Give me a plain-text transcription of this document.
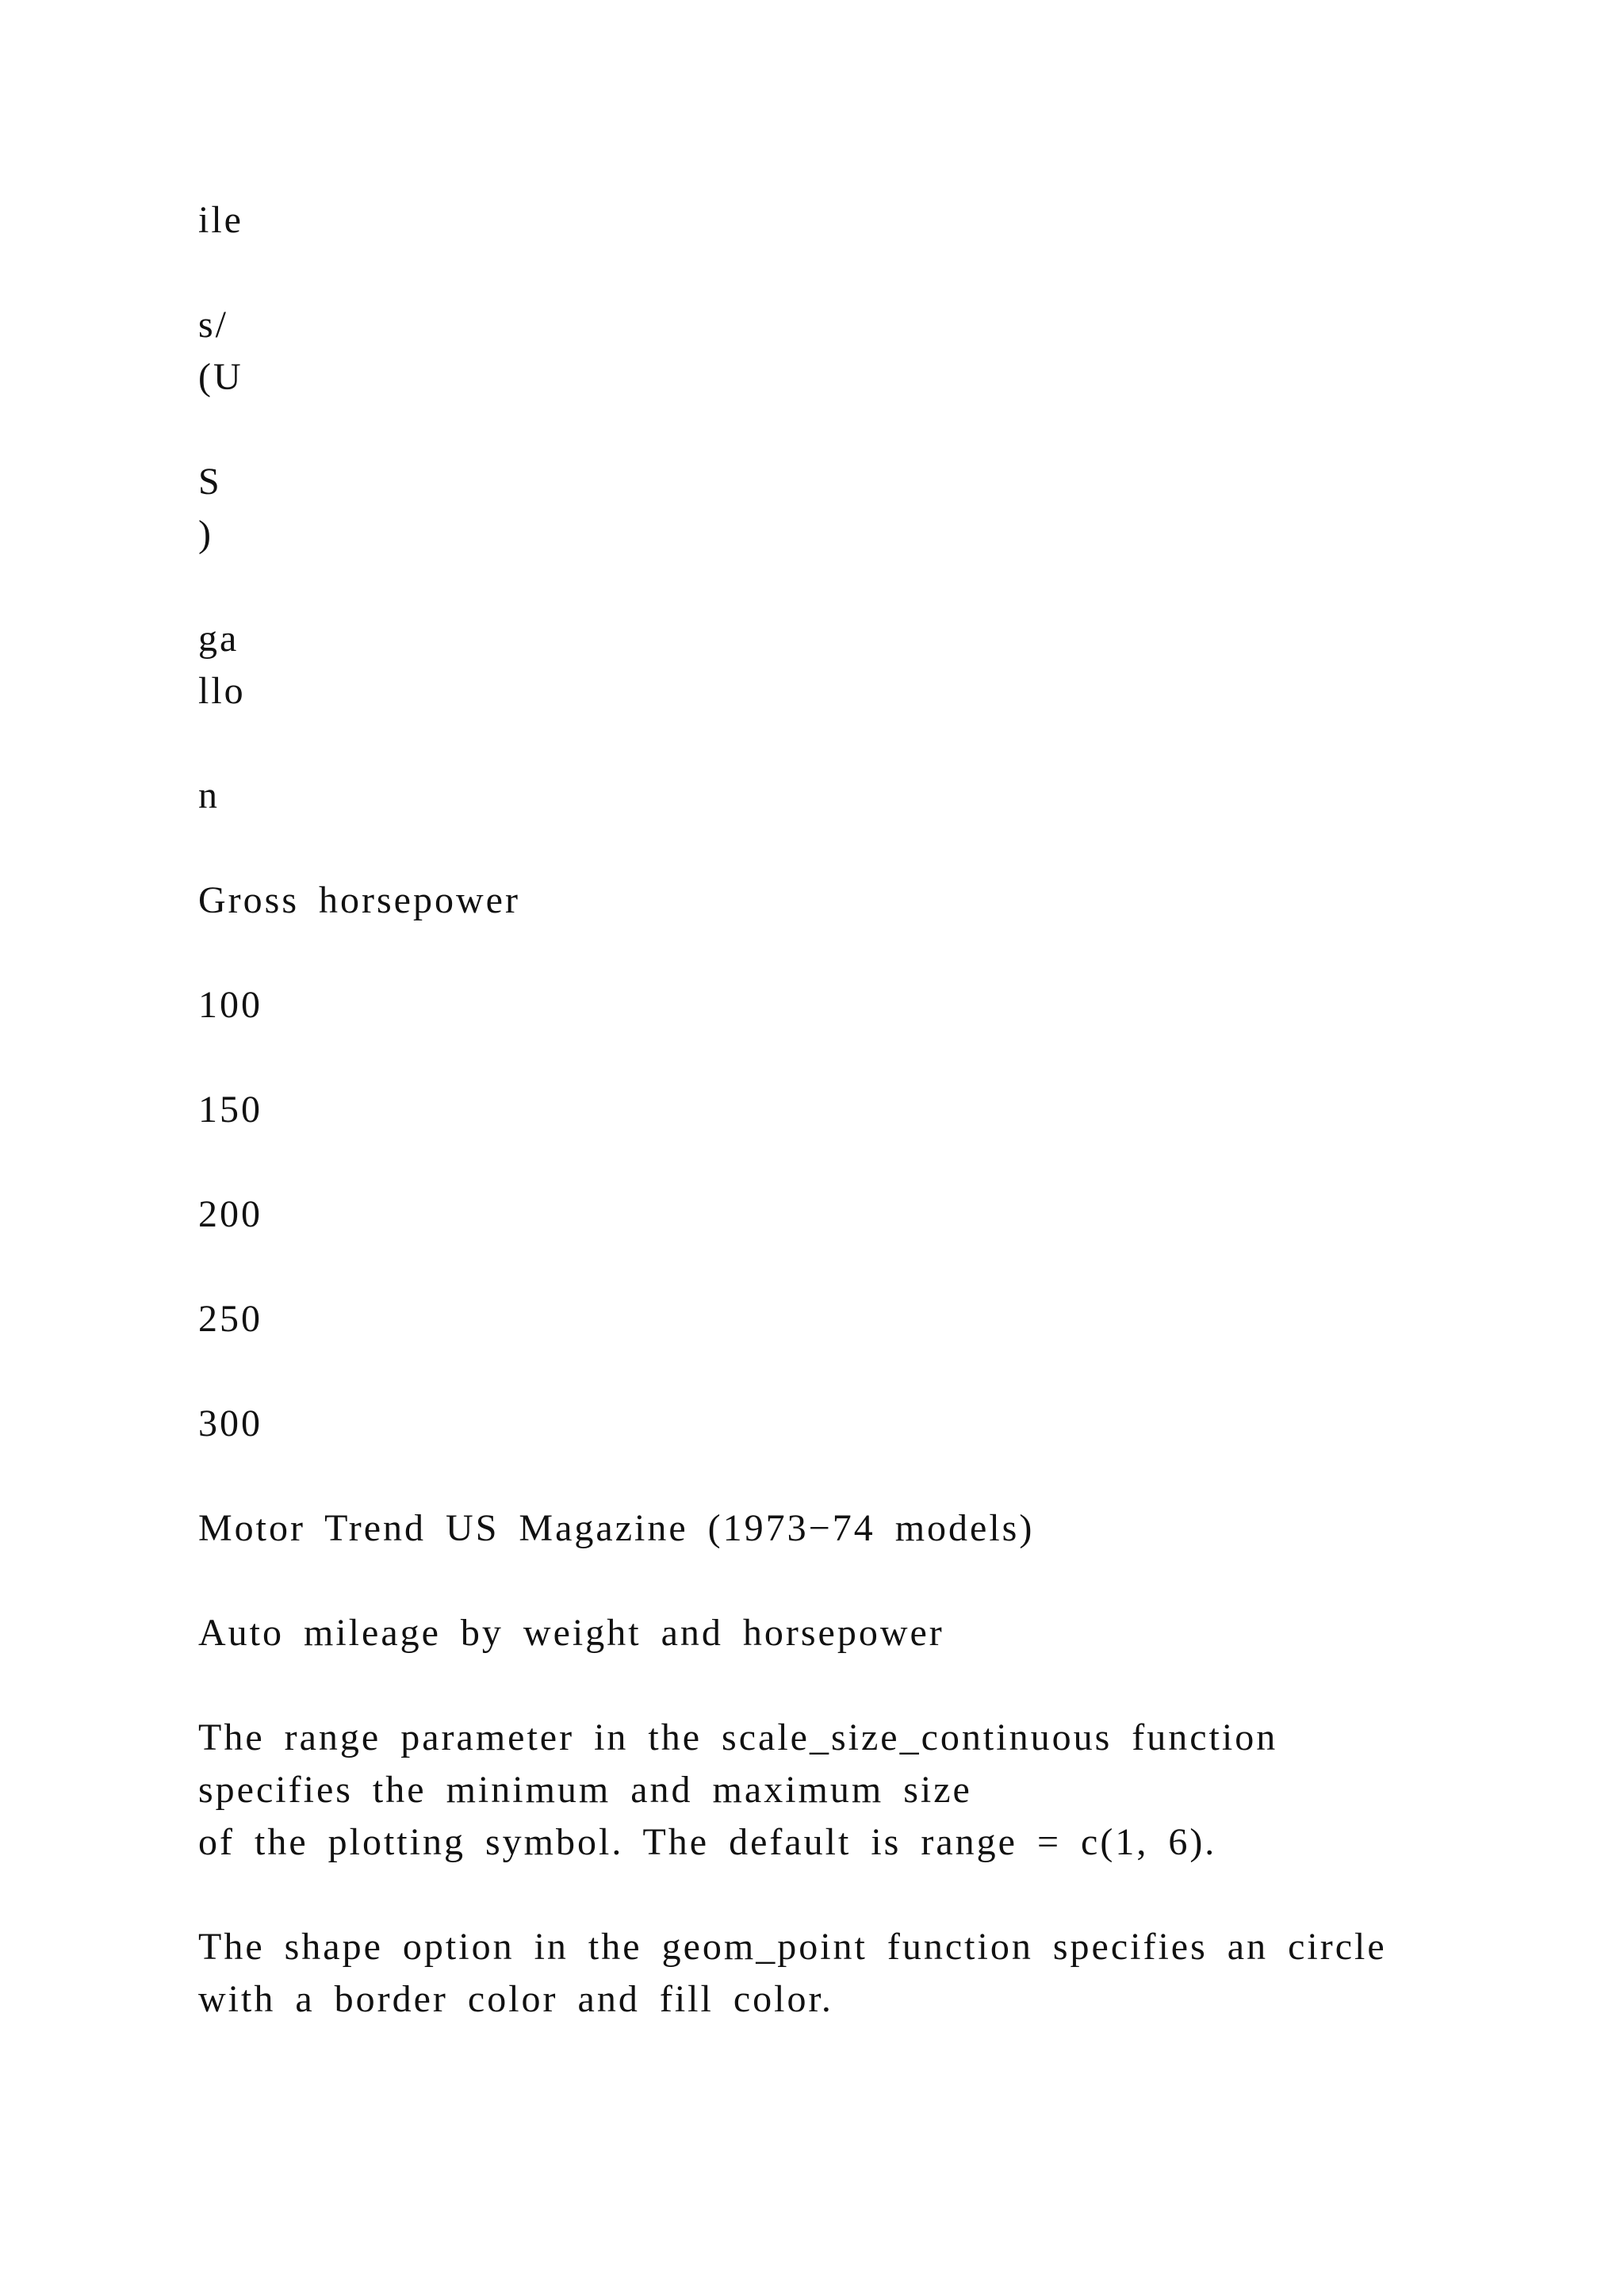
ile

s/

(U

S

)

ga

llo

n

Gross horsepower

100

150

200

250

300

Motor Trend US Magazine (1973−74 models)

Auto mileage by weight and horsepower

The range parameter in the scale_size_continuous function

specifies the minimum and maximum size

of the plotting symbol. The default is range = c(1, 6).

The shape option in the geom_point function specifies an circle

with a border color and fill color.
